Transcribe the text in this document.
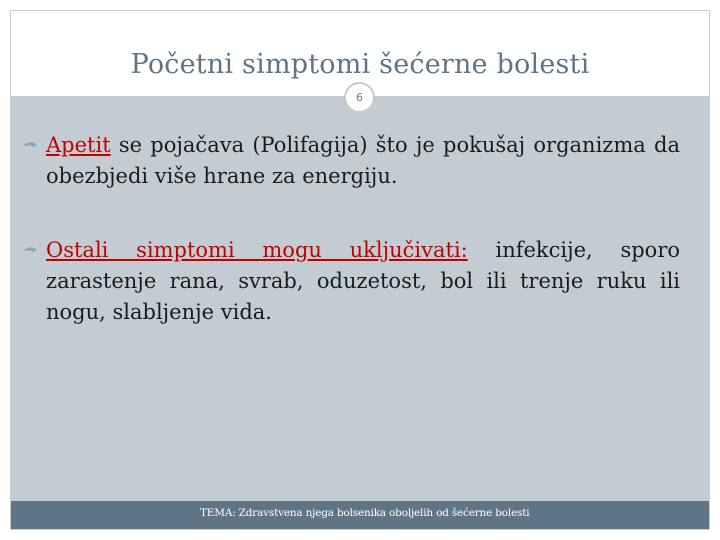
Početni simptomi šećerne bolesti
6
Apetit se pojačava (Polifagija) što je pokušaj organizma da obezbjedi više hrane za energiju.
Ostali simptomi mogu uključivati: infekcije, sporo zarastenje rana, svrab, oduzetost, bol ili trenje ruku ili nogu, slabljenje vida.
TEMA: Zdravstvena njega bolsenika oboljelih od šećerne bolesti
